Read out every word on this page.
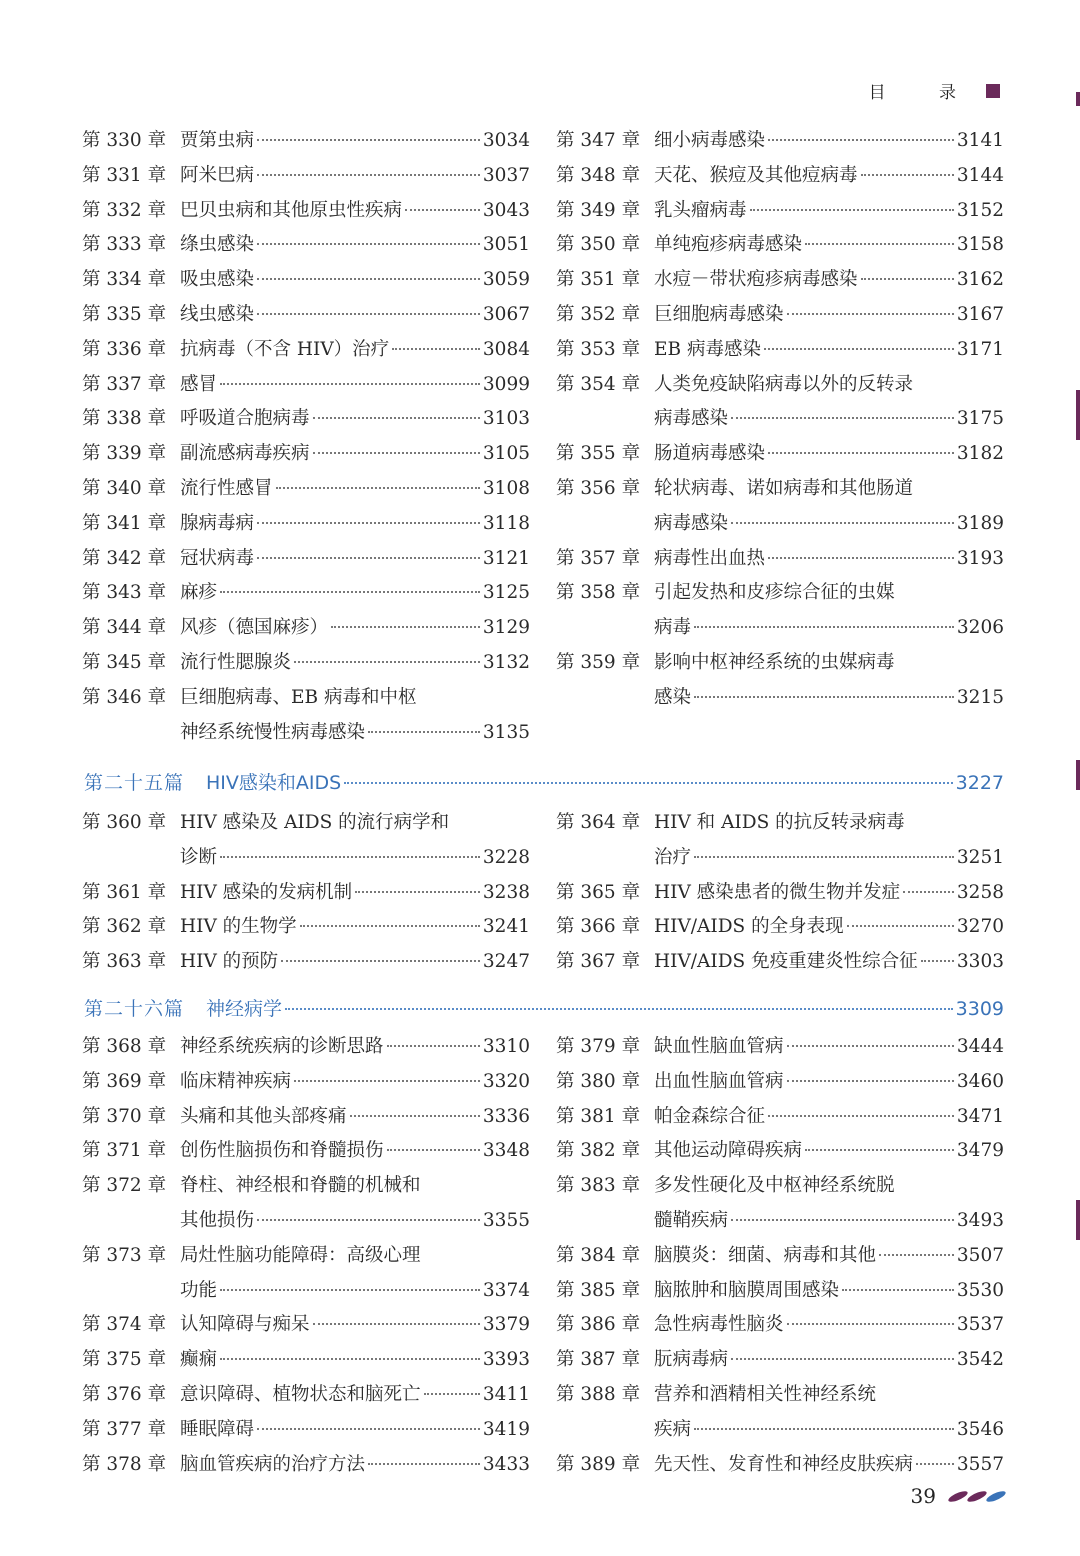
目 录
第 330 章 贾第虫病	3034
第 331 章 阿米巴病	3037
第 332 章 巴贝虫病和其他原虫性疾病	3043
第 333 章 绦虫感染	3051
第 334 章 吸虫感染	3059
第 335 章 线虫感染	3067
第 336 章 抗病毒（不含 HIV）治疗	3084
第 337 章 感冒	3099
第 338 章 呼吸道合胞病毒	3103
第 339 章 副流感病毒疾病	3105
第 340 章 流行性感冒	3108
第 341 章 腺病毒病	3118
第 342 章 冠状病毒	3121
第 343 章 麻疹	3125
第 344 章 风疹（德国麻疹）	3129
第 345 章 流行性腮腺炎	3132
第 346 章 巨细胞病毒、EB 病毒和中枢
神经系统慢性病毒感染	3135
第 347 章 细小病毒感染	3141
第 348 章 天花、猴痘及其他痘病毒	3144
第 349 章 乳头瘤病毒	3152
第 350 章 单纯疱疹病毒感染	3158
第 351 章 水痘－带状疱疹病毒感染	3162
第 352 章 巨细胞病毒感染	3167
第 353 章 EB 病毒感染	3171
第 354 章 人类免疫缺陷病毒以外的反转录
病毒感染	3175
第 355 章 肠道病毒感染	3182
第 356 章 轮状病毒、诺如病毒和其他肠道
病毒感染	3189
第 357 章 病毒性出血热	3193
第 358 章 引起发热和皮疹综合征的虫媒
病毒	3206
第 359 章 影响中枢神经系统的虫媒病毒
感染	3215
第二十五篇 HIV感染和AIDS	3227
第 360 章 HIV 感染及 AIDS 的流行病学和
诊断	3228
第 361 章 HIV 感染的发病机制	3238
第 362 章 HIV 的生物学	3241
第 363 章 HIV 的预防	3247
第 364 章 HIV 和 AIDS 的抗反转录病毒
治疗	3251
第 365 章 HIV 感染患者的微生物并发症	3258
第 366 章 HIV/AIDS 的全身表现	3270
第 367 章 HIV/AIDS 免疫重建炎性综合征 3303
第二十六篇 神经病学	3309
第 368 章 神经系统疾病的诊断思路	3310
第 369 章 临床精神疾病	3320
第 370 章 头痛和其他头部疼痛	3336
第 371 章 创伤性脑损伤和脊髓损伤	3348
第 372 章 脊柱、神经根和脊髓的机械和
其他损伤	3355
第 373 章 局灶性脑功能障碍：高级心理
功能	3374
第 374 章 认知障碍与痴呆	3379
第 375 章 癫痫	3393
第 376 章 意识障碍、植物状态和脑死亡	3411
第 377 章 睡眠障碍	3419
第 378 章 脑血管疾病的治疗方法	3433
第 379 章 缺血性脑血管病	3444
第 380 章 出血性脑血管病	3460
第 381 章 帕金森综合征	3471
第 382 章 其他运动障碍疾病	3479
第 383 章 多发性硬化及中枢神经系统脱
髓鞘疾病	3493
第 384 章 脑膜炎：细菌、病毒和其他	3507
第 385 章 脑脓肿和脑膜周围感染	3530
第 386 章 急性病毒性脑炎	3537
第 387 章 朊病毒病	3542
第 388 章 营养和酒精相关性神经系统
疾病	3546
第 389 章 先天性、发育性和神经皮肤疾病 3557
39
